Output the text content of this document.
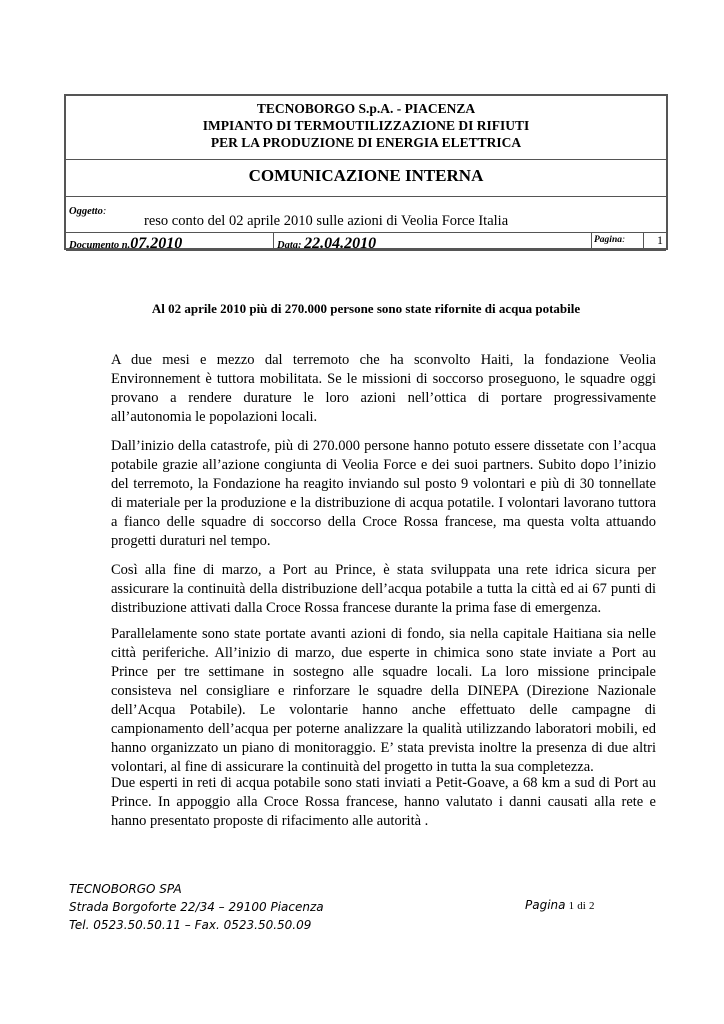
TECNOBORGO S.p.A. - PIACENZA
IMPIANTO DI TERMOUTILIZZAZIONE DI RIFIUTI
PER LA PRODUZIONE DI ENERGIA ELETTRICA
COMUNICAZIONE INTERNA
Oggetto:
reso conto del 02 aprile 2010 sulle azioni di Veolia Force Italia
Documento n.07.2010	Data: 22.04.2010	Pagina:	1
Al 02 aprile 2010 più di 270.000 persone sono state rifornite di acqua potabile

A due mesi e mezzo dal terremoto che ha sconvolto Haiti, la fondazione Veolia Environnement è tuttora mobilitata. Se le missioni di soccorso proseguono, le squadre oggi provano a rendere durature le loro azioni nell’ottica di portare progressivamente all’autonomia le popolazioni locali.

Dall’inizio della catastrofe, più di 270.000 persone hanno potuto essere dissetate con l’acqua potabile grazie all’azione congiunta di Veolia Force e dei suoi partners. Subito dopo l’inizio del terremoto, la Fondazione ha reagito inviando sul posto 9 volontari e più di 30 tonnellate di materiale per la produzione e la distribuzione di acqua potatile. I volontari lavorano tuttora a fianco delle squadre di soccorso della Croce Rossa francese, ma questa volta attuando progetti duraturi nel tempo.

Così alla fine di marzo, a Port au Prince, è stata sviluppata una rete idrica sicura per assicurare la continuità della distribuzione dell’acqua potabile a tutta la città ed ai 67 punti di distribuzione attivati dalla Croce Rossa francese durante la prima fase di emergenza.

Parallelamente sono state portate avanti azioni di fondo, sia nella capitale Haitiana sia nelle città periferiche. All’inizio di marzo, due esperte in chimica sono state inviate a Port au Prince per tre settimane in sostegno alle squadre locali. La loro missione principale consisteva nel consigliare e rinforzare le squadre della DINEPA (Direzione Nazionale dell’Acqua Potabile). Le volontarie hanno anche effettuato delle campagne di campionamento dell’acqua per poterne analizzare la qualità utilizzando laboratori mobili, ed hanno organizzato un piano di monitoraggio. E’ stata prevista inoltre la presenza di due altri volontari, al fine di assicurare la continuità del progetto in tutta la sua completezza.

Due esperti in reti di acqua potabile sono stati inviati a Petit-Goave, a 68 km a sud di Port au Prince. In appoggio alla Croce Rossa francese, hanno valutato i danni causati alla rete e hanno presentato proposte di rifacimento alle autorità .

TECNOBORGO SPA
Strada Borgoforte 22/34 – 29100 Piacenza
Tel. 0523.50.50.11 – Fax. 0523.50.50.09
Pagina 1 di 2
